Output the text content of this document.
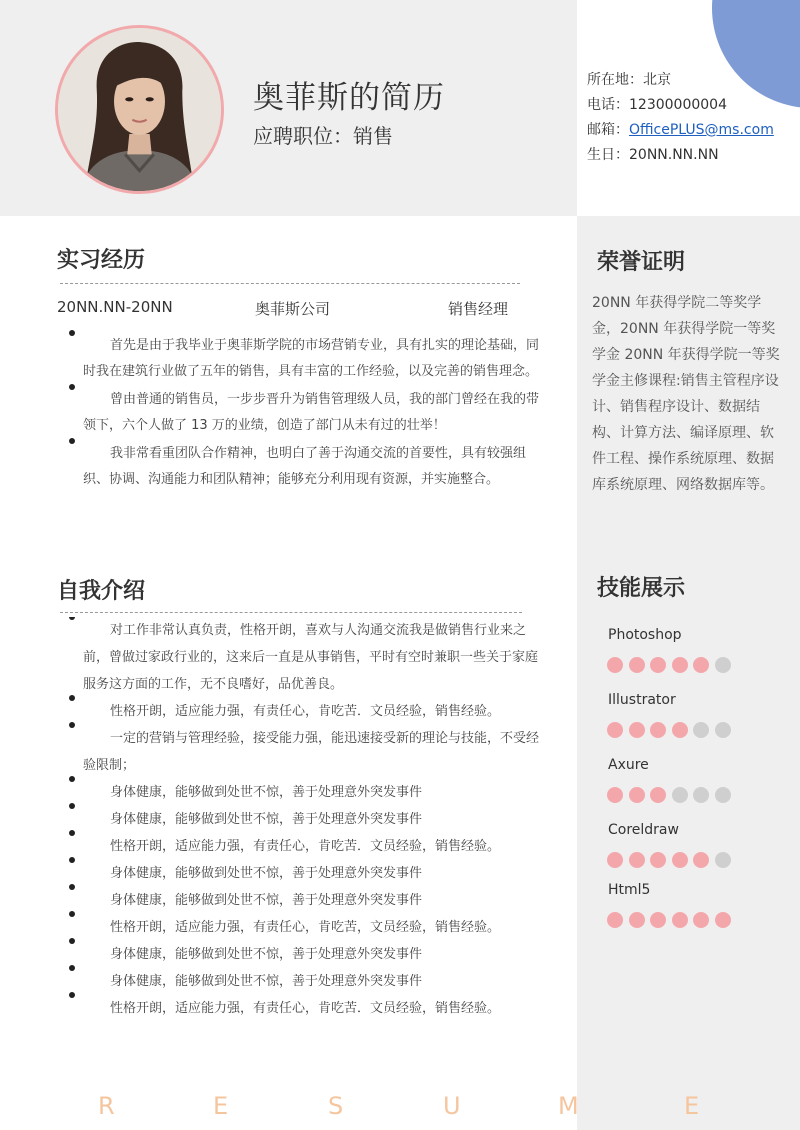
奥菲斯的简历
应聘职位：销售
所在地：北京
电话：12300000004
邮箱：OfficePLUS@ms.com
生日：20NN.NN.NN
实习经历
20NN.NN-20NN	奥菲斯公司	销售经理
首先是由于我毕业于奥菲斯学院的市场营销专业，具有扎实的理论基础，同时我在建筑行业做了五年的销售，具有丰富的工作经验，以及完善的销售理念。
曾由普通的销售员，一步步晋升为销售管理级人员，我的部门曾经在我的带领下，六个人做了 13 万的业绩，创造了部门从未有过的壮举！
我非常看重团队合作精神，也明白了善于沟通交流的首要性，具有较强组织、协调、沟通能力和团队精神；能够充分利用现有资源，并实施整合。
自我介绍
对工作非常认真负责，性格开朗，喜欢与人沟通交流我是做销售行业来之前，曾做过家政行业的，这来后一直是从事销售，平时有空时兼职一些关于家庭服务这方面的工作，无不良嗜好，品优善良。
性格开朗，适应能力强，有责任心，肯吃苦．文员经验，销售经验。
一定的营销与管理经验，接受能力强，能迅速接受新的理论与技能，不受经验限制；
身体健康，能够做到处世不惊，善于处理意外突发事件
身体健康，能够做到处世不惊，善于处理意外突发事件
性格开朗，适应能力强，有责任心，肯吃苦．文员经验，销售经验。
身体健康，能够做到处世不惊，善于处理意外突发事件
身体健康，能够做到处世不惊，善于处理意外突发事件
性格开朗，适应能力强，有责任心，肯吃苦，文员经验，销售经验。
身体健康，能够做到处世不惊，善于处理意外突发事件
身体健康，能够做到处世不惊，善于处理意外突发事件
性格开朗，适应能力强，有责任心，肯吃苦．文员经验，销售经验。
荣誉证明
20NN 年获得学院二等奖学金，20NN 年获得学院一等奖学金 20NN 年获得学院一等奖学金主修课程:销售主管程序设计、销售程序设计、数据结构、计算方法、编译原理、软件工程、操作系统原理、数据库系统原理、网络数据库等。
技能展示
Photoshop
Illustrator
Axure
Coreldraw
Html5
R	E	S	U	M	E
